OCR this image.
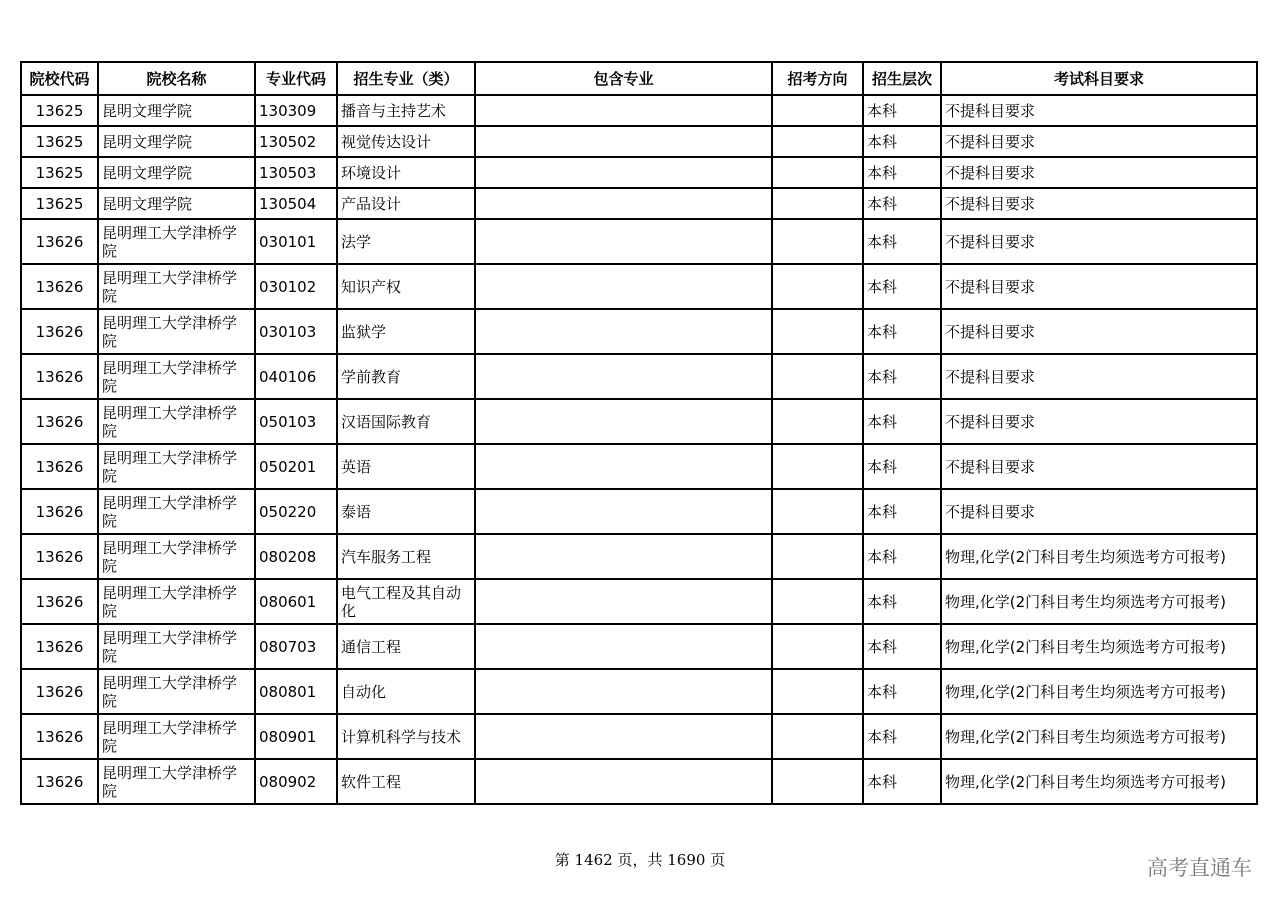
院校代码	院校名称	专业代码	招生专业（类）	包含专业	招考方向	招生层次	考试科目要求
13625	昆明文理学院	130309	播音与主持艺术			本科	不提科目要求
13625	昆明文理学院	130502	视觉传达设计			本科	不提科目要求
13625	昆明文理学院	130503	环境设计			本科	不提科目要求
13625	昆明文理学院	130504	产品设计			本科	不提科目要求
13626	昆明理工大学津桥学院	030101	法学			本科	不提科目要求
13626	昆明理工大学津桥学院	030102	知识产权			本科	不提科目要求
13626	昆明理工大学津桥学院	030103	监狱学			本科	不提科目要求
13626	昆明理工大学津桥学院	040106	学前教育			本科	不提科目要求
13626	昆明理工大学津桥学院	050103	汉语国际教育			本科	不提科目要求
13626	昆明理工大学津桥学院	050201	英语			本科	不提科目要求
13626	昆明理工大学津桥学院	050220	泰语			本科	不提科目要求
13626	昆明理工大学津桥学院	080208	汽车服务工程			本科	物理,化学(2门科目考生均须选考方可报考)
13626	昆明理工大学津桥学院	080601	电气工程及其自动化			本科	物理,化学(2门科目考生均须选考方可报考)
13626	昆明理工大学津桥学院	080703	通信工程			本科	物理,化学(2门科目考生均须选考方可报考)
13626	昆明理工大学津桥学院	080801	自动化			本科	物理,化学(2门科目考生均须选考方可报考)
13626	昆明理工大学津桥学院	080901	计算机科学与技术			本科	物理,化学(2门科目考生均须选考方可报考)
13626	昆明理工大学津桥学院	080902	软件工程			本科	物理,化学(2门科目考生均须选考方可报考)
第 1462 页，共 1690 页	高考直通车
